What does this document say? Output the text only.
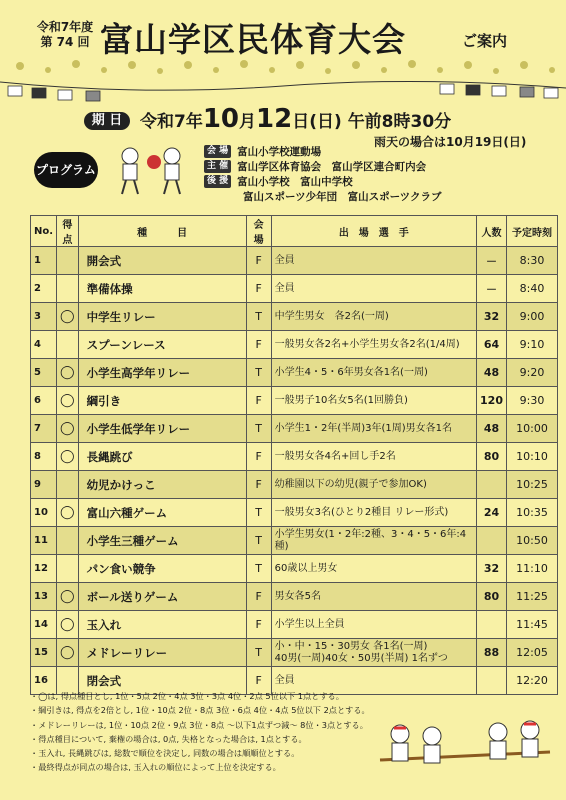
令和7年度
第 74 回 富山学区民体育大会	ご案内
期 日	令和7年10月12日(日) 午前8時30分
雨天の場合は10月19日(日)
プログラム
会 場 富山小学校運動場
主 催 富山学区体育協会　富山学区連合町内会
後 援 富山小学校　富山中学校
富山スポーツ少年団　富山スポーツクラブ
No.	得点	種　　　目	会場	出　場　選　手	人数	予定時刻
1		開会式	F	全員	－	8:30
2		準備体操	F	全員	－	8:40
3	◯	中学生リレー	T	中学生男女　各2名(一周)	32	9:00
4		スプーンレース	F	一般男女各2名+小学生男女各2名(1/4周)	64	9:10
5	◯	小学生高学年リレー	T	小学生4・5・6年男女各1名(一周)	48	9:20
6	◯	綱引き	F	一般男子10名女5名(1回勝負)	120	9:30
7	◯	小学生低学年リレー	T	小学生1・2年(半周)3年(1周)男女各1名	48	10:00
8	◯	長縄跳び	F	一般男女各4名+回し手2名	80	10:10
9		幼児かけっこ	F	幼稚園以下の幼児(親子で参加OK)		10:25
10	◯	富山六種ゲーム	T	一般男女3名(ひとり2種目 リレー形式)	24	10:35
11		小学生三種ゲーム	T	小学生男女(1・2年:2種、3・4・5・6年:4種)		10:50
12		パン食い競争	T	60歳以上男女	32	11:10
13	◯	ボール送りゲーム	F	男女各5名	80	11:25
14	◯	玉入れ	F	小学生以上全員		11:45
15	◯	メドレーリレー	T	小・中・15・30男女 各1名(一周)
40男(一周)40女・50男(半周) 1名ずつ	88	12:05
16		閉会式	F	全員		12:20
・◯は, 得点種目とし, 1位・5点 2位・4点 3位・3点 4位・2点 5位以下 1点とする。
・綱引きは, 得点を2倍とし, 1位・10点 2位・8点 3位・6点 4位・4点 5位以下 2点とする。
・メドレーリレーは, 1位・10点 2位・9点 3位・8点 ～以下1点ずつ減～ 8位・3点とする。
・得点種目について, 棄権の場合は, 0点, 失格となった場合は, 1点とする。
・玉入れ, 長縄跳びは, 総数で順位を決定し, 同数の場合は順順位とする。
・最終得点が同点の場合は, 玉入れの順位によって上位を決定する。
